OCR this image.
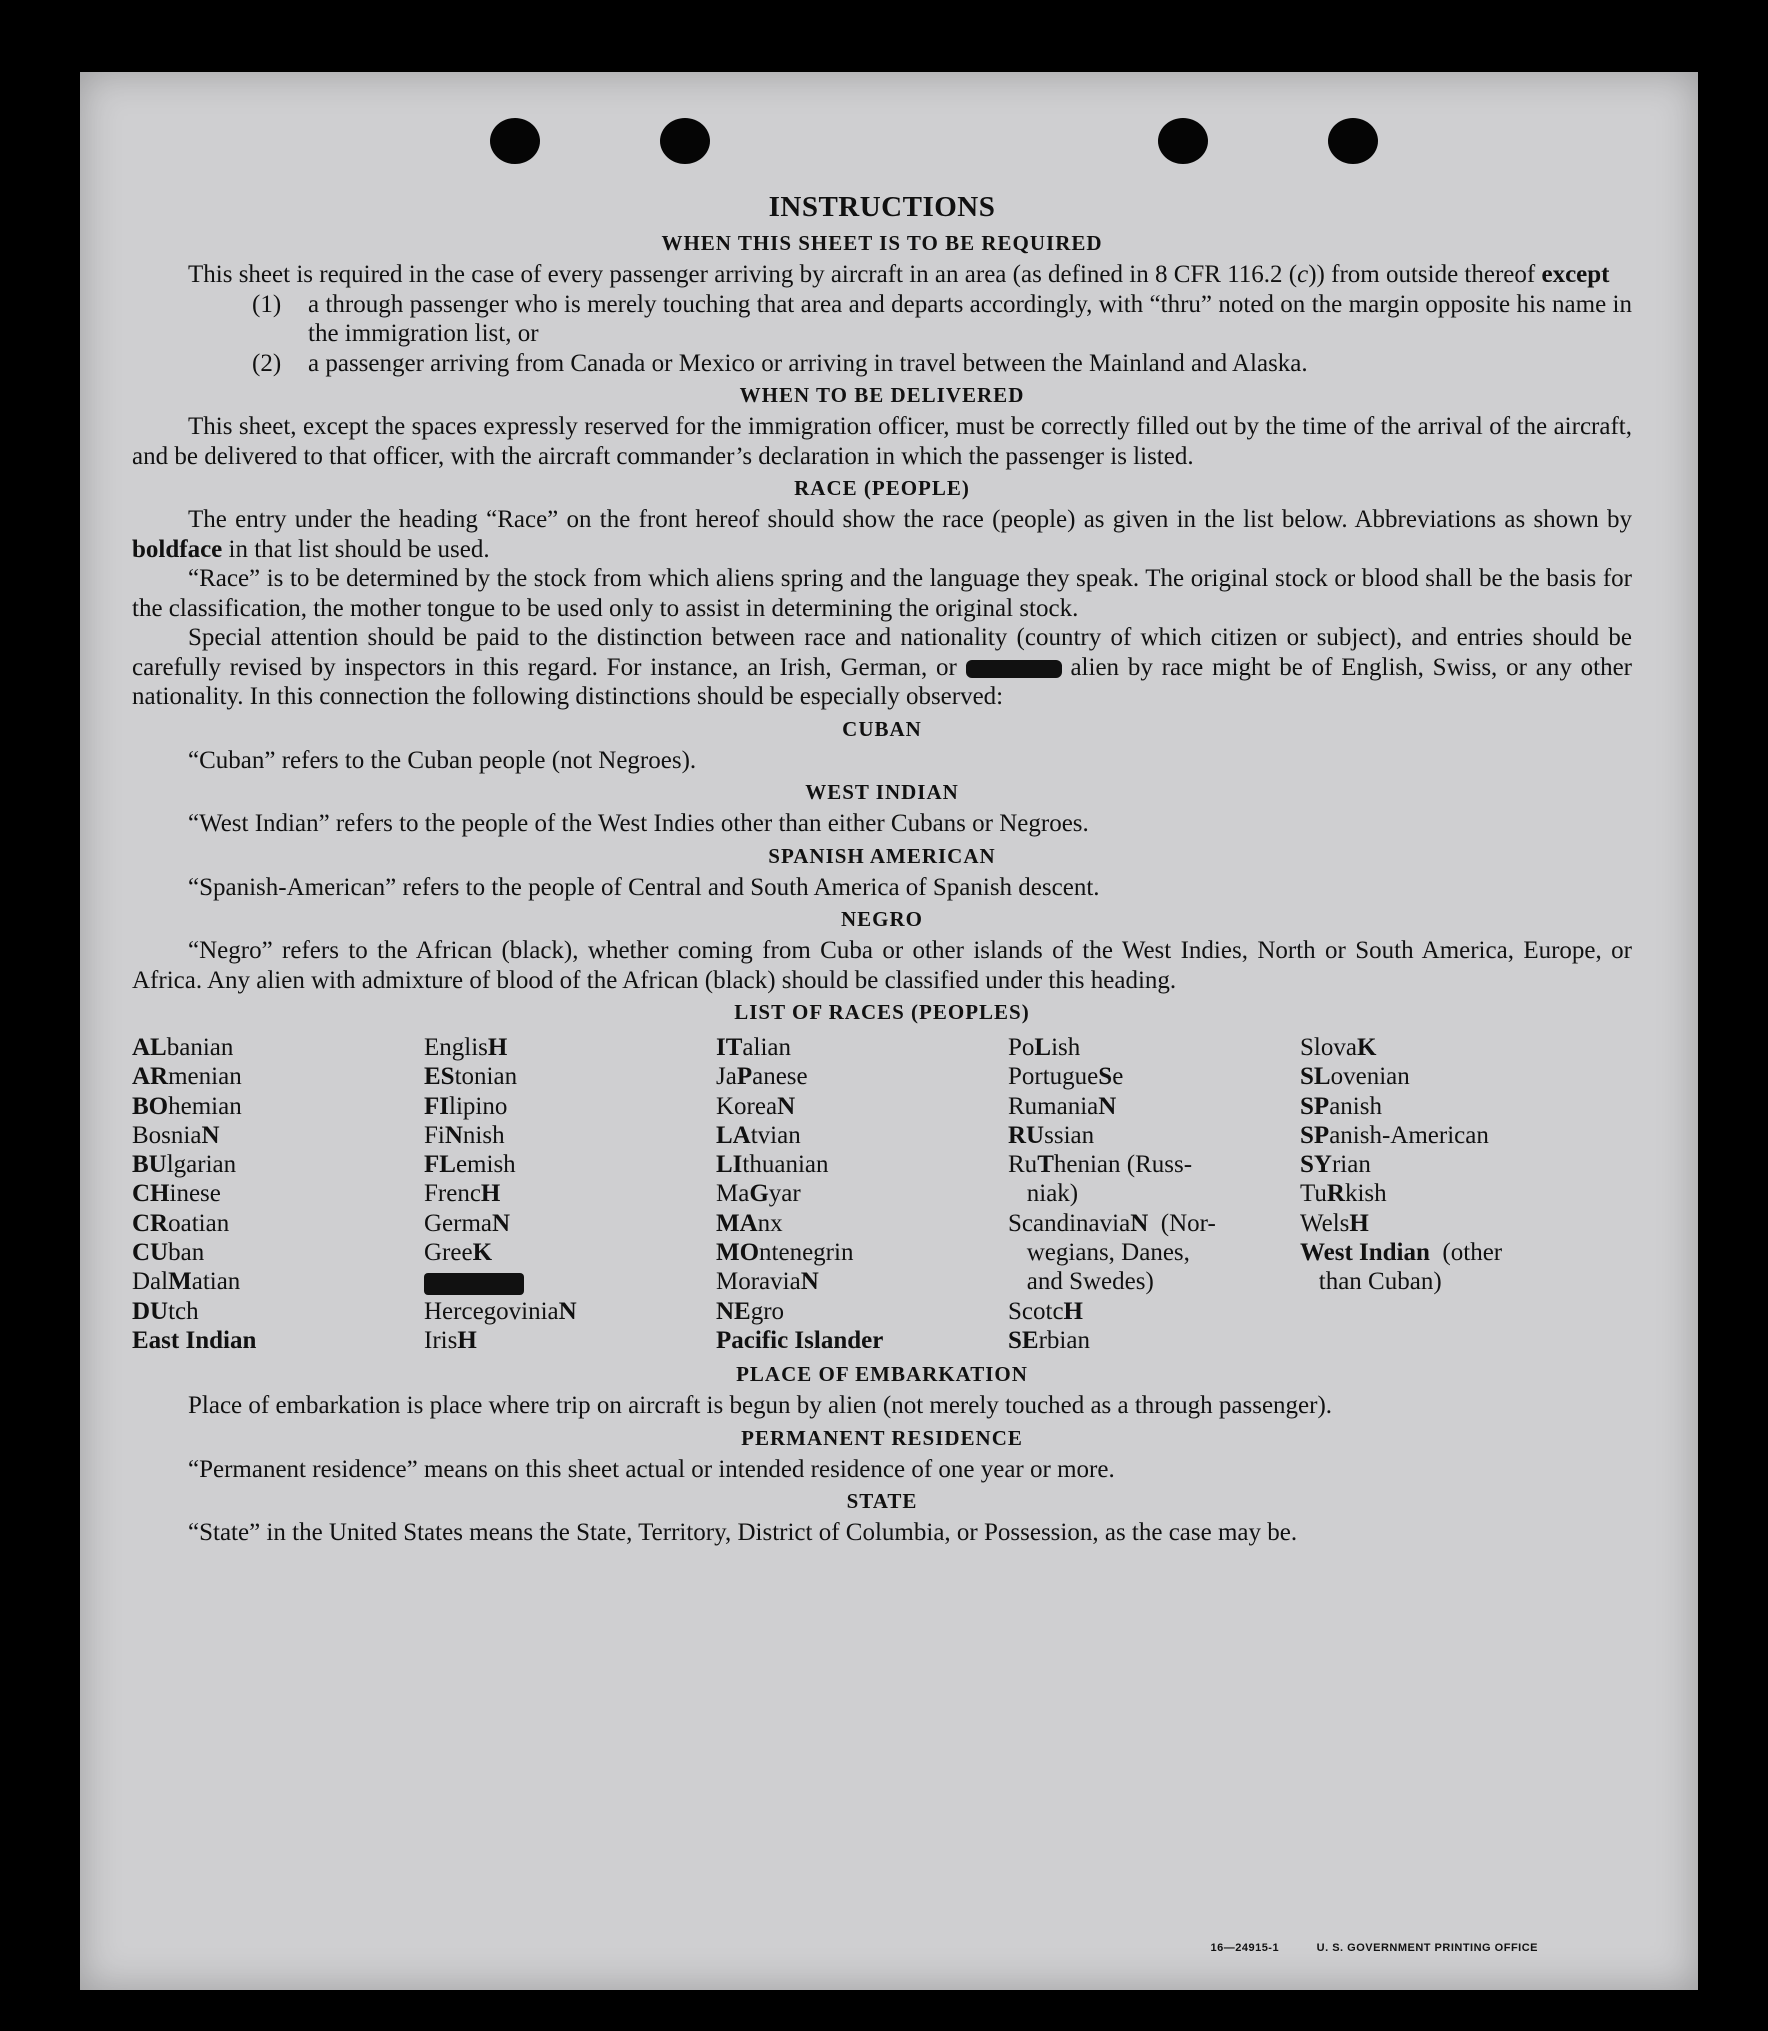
INSTRUCTIONS
WHEN THIS SHEET IS TO BE REQUIRED

This sheet is required in the case of every passenger arriving by aircraft in an area (as defined in 8 CFR 116.2 (c)) from outside thereof except

(1)	a through passenger who is merely touching that area and departs accordingly, with “thru” noted on the margin opposite his name in the immigration list, or
(2)	a passenger arriving from Canada or Mexico or arriving in travel between the Mainland and Alaska.
WHEN TO BE DELIVERED

This sheet, except the spaces expressly reserved for the immigration officer, must be correctly filled out by the time of the arrival of the aircraft, and be delivered to that officer, with the aircraft commander’s declaration in which the passenger is listed.

RACE (PEOPLE)

The entry under the heading “Race” on the front hereof should show the race (people) as given in the list below. Abbreviations as shown by boldface in that list should be used.

“Race” is to be determined by the stock from which aliens spring and the language they speak. The original stock or blood shall be the basis for the classification, the mother tongue to be used only to assist in determining the original stock.

Special attention should be paid to the distinction between race and nationality (country of which citizen or subject), and entries should be carefully revised by inspectors in this regard. For instance, an Irish, German, or	alien by race might be of English, Swiss, or any other nationality. In this connection the following distinctions should be especially observed:

CUBAN

“Cuban” refers to the Cuban people (not Negroes).

WEST INDIAN

“West Indian” refers to the people of the West Indies other than either Cubans or Negroes.

SPANISH AMERICAN

“Spanish-American” refers to the people of Central and South America of Spanish descent.

NEGRO

“Negro” refers to the African (black), whether coming from Cuba or other islands of the West Indies, North or South America, Europe, or Africa. Any alien with admixture of blood of the African (black) should be classified under this heading.

LIST OF RACES (PEOPLES)
ALbanian
ARmenian
BOhemian
BosniaN
BUlgarian
CHinese
CRoatian
CUban
DalMatian
DUtch
East Indian
EnglisH
EStonian
FIlipino
FiNnish
FLemish
FrencH
GermaN
GreeK
HercegoviniaN
IrisH
ITalian
JaPanese
KoreaN
LAtvian
LIthuanian
MaGyar
MAnx
MOntenegrin
MoraviaN
NEgro
Pacific Islander
PoLish
PortugueSe
RumaniaN
RUssian
RuThenian (Russ-
niak)
ScandinaviaN  (Nor-
wegians, Danes,
and Swedes)
ScotcH
SErbian
SlovaK
SLovenian
SPanish
SPanish-American
SYrian
TuRkish
WelsH
West Indian  (other
than Cuban)
PLACE OF EMBARKATION

Place of embarkation is place where trip on aircraft is begun by alien (not merely touched as a through passenger).

PERMANENT RESIDENCE

“Permanent residence” means on this sheet actual or intended residence of one year or more.

STATE

“State” in the United States means the State, Territory, District of Columbia, or Possession, as the case may be.

16—24915-1	U. S. GOVERNMENT PRINTING OFFICE
